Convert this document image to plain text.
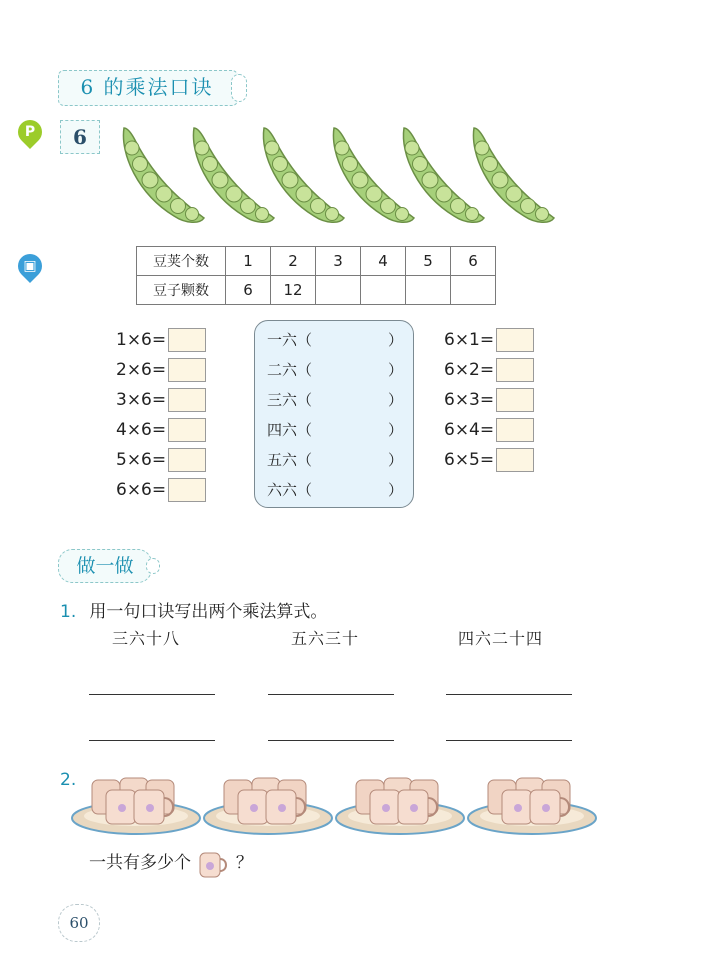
6 的乘法口诀
P
▣
6
豆荚个数	1	2	3	4	5	6
豆子颗数	6	12				
1×6=
2×6=
3×6=
4×6=
5×6=
6×6=
一六（	）
二六（	）
三六（	）
四六（	）
五六（	）
六六（	）
6×1=
6×2=
6×3=
6×4=
6×5=
做一做
1. 用一句口诀写出两个乘法算式。
三六十八	五六三十	四六二十四
2.
一共有多少个	？
60
